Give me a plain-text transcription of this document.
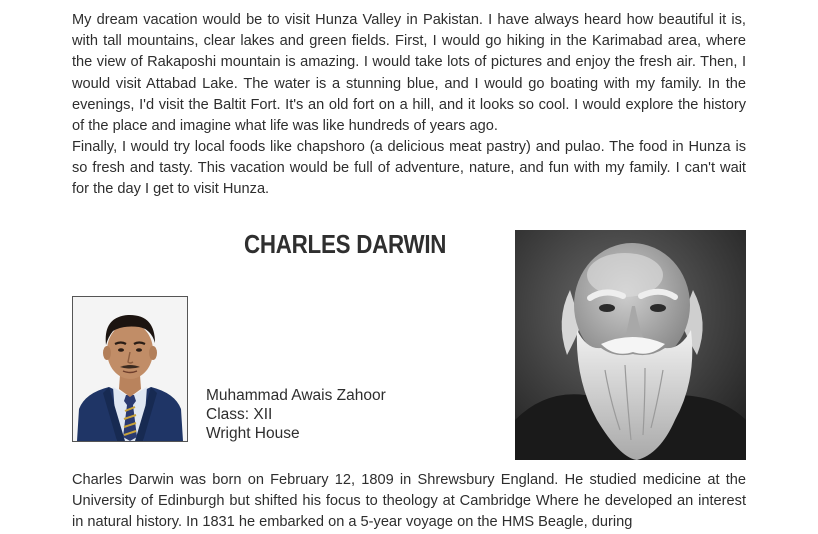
My dream vacation would be to visit Hunza Valley in Pakistan. I have always heard how beautiful it is, with tall mountains, clear lakes and green fields. First, I would go hiking in the Karimabad area, where the view of Rakaposhi mountain is amazing. I would take lots of pictures and enjoy the fresh air. Then, I would visit Attabad Lake. The water is a stunning blue, and I would go boating with my family. In the evenings, I'd visit the Baltit Fort. It's an old fort on a hill, and it looks so cool. I would explore the history of the place and imagine what life was like hundreds of years ago.

Finally, I would try local foods like chapshoro (a delicious meat pastry) and pulao. The food in Hunza is so fresh and tasty. This vacation would be full of adventure, nature, and fun with my family. I can't wait for the day I get to visit Hunza.

CHARLES DARWIN
Muhammad Awais Zahoor
Class: XII
Wright House

Charles Darwin was born on February 12, 1809 in Shrewsbury England. He studied medicine at the University of Edinburgh but shifted his focus to theology at Cambridge Where he developed an interest in natural history. In 1831 he embarked on a 5-year voyage on the HMS Beagle, during
